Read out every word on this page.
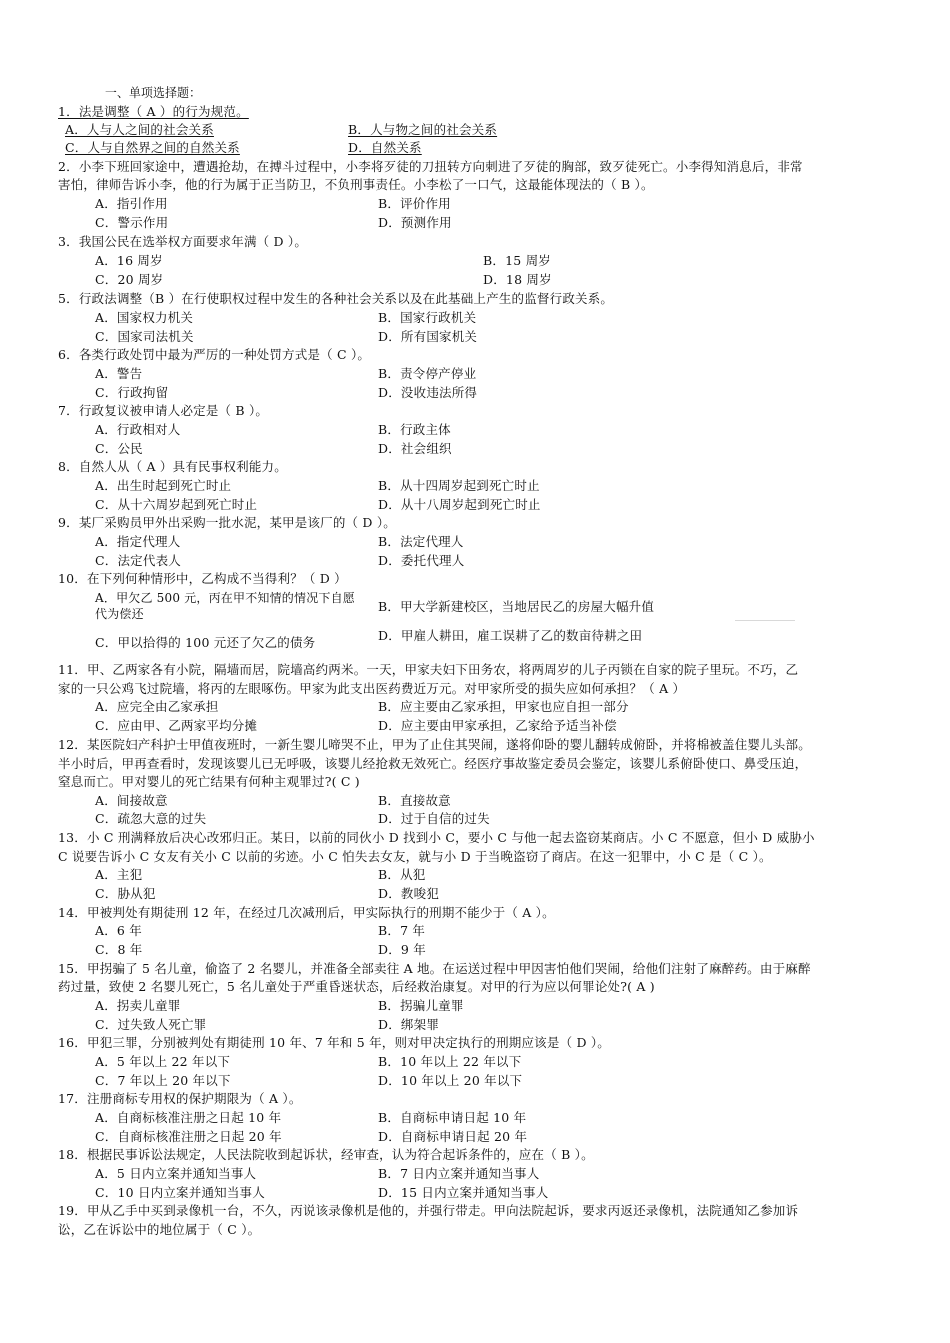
一、单项选择题：
1．法是调整（ A ）的行为规范。
A．人与人之间的社会关系	B．人与物之间的社会关系
C．人与自然界之间的自然关系	D．自然关系
2．小李下班回家途中，遭遇抢劫，在搏斗过程中，小李将歹徒的刀扭转方向刺进了歹徒的胸部，致歹徒死亡。小李得知消息后，非常
害怕，律师告诉小李，他的行为属于正当防卫，不负刑事责任。小李松了一口气，这最能体现法的（ B ）。
A．指引作用	B．评价作用
C．警示作用	D．预测作用
3．我国公民在选举权方面要求年满（ D ）。
A．16 周岁	B．15 周岁
C．20 周岁	D．18 周岁
5．行政法调整（B ）在行使职权过程中发生的各种社会关系以及在此基础上产生的监督行政关系。
A．国家权力机关	B．国家行政机关
C．国家司法机关	D．所有国家机关
6．各类行政处罚中最为严厉的一种处罚方式是（ C ）。
A．警告	B．责令停产停业
C．行政拘留	D．没收违法所得
7．行政复议被申请人必定是（ B ）。
A．行政相对人	B．行政主体
C．公民	D．社会组织
8．自然人从（ A ）具有民事权利能力。
A．出生时起到死亡时止	B．从十四周岁起到死亡时止
C．从十六周岁起到死亡时止	D．从十八周岁起到死亡时止
9．某厂采购员甲外出采购一批水泥，某甲是该厂的（ D ）。
A．指定代理人	B．法定代理人
C．法定代表人	D．委托代理人
10．在下列何种情形中，乙构成不当得利？（ D ）
A．甲欠乙 500 元，丙在甲不知情的情况下自愿代为偿还	B．甲大学新建校区，当地居民乙的房屋大幅升值
C．甲以拾得的 100 元还了欠乙的债务	D．甲雇人耕田，雇工误耕了乙的数亩待耕之田
11．甲、乙两家各有小院，隔墙而居，院墙高约两米。一天，甲家夫妇下田务农，将两周岁的儿子丙锁在自家的院子里玩。不巧，乙
家的一只公鸡飞过院墙，将丙的左眼啄伤。甲家为此支出医药费近万元。对甲家所受的损失应如何承担？（ A ）
A．应完全由乙家承担	B．应主要由乙家承担，甲家也应自担一部分
C．应由甲、乙两家平均分摊	D．应主要由甲家承担，乙家给予适当补偿
12．某医院妇产科护士甲值夜班时，一新生婴儿啼哭不止，甲为了止住其哭闹，遂将仰卧的婴儿翻转成俯卧，并将棉被盖住婴儿头部。
半小时后，甲再查看时，发现该婴儿已无呼吸，该婴儿经抢救无效死亡。经医疗事故鉴定委员会鉴定，该婴儿系俯卧使口、鼻受压迫，
窒息而亡。甲对婴儿的死亡结果有何种主观罪过?( C )
A．间接故意	B．直接故意
C．疏忽大意的过失	D．过于自信的过失
13．小 C 刑满释放后决心改邪归正。某日，以前的同伙小 D 找到小 C，要小 C 与他一起去盗窃某商店。小 C 不愿意，但小 D 威胁小
C 说要告诉小 C 女友有关小 C 以前的劣迹。小 C 怕失去女友，就与小 D 于当晚盗窃了商店。在这一犯罪中，小 C 是（ C ）。
A．主犯	B．从犯
C．胁从犯	D．教唆犯
14．甲被判处有期徒刑 12 年，在经过几次减刑后，甲实际执行的刑期不能少于（ A ）。
A．6 年	B．7 年
C．8 年	D．9 年
15．甲拐骗了 5 名儿童，偷盗了 2 名婴儿，并准备全部卖往 A 地。在运送过程中甲因害怕他们哭闹，给他们注射了麻醉药。由于麻醉
药过量，致使 2 名婴儿死亡，5 名儿童处于严重昏迷状态，后经救治康复。对甲的行为应以何罪论处?( A )
A．拐卖儿童罪	B．拐骗儿童罪
C．过失致人死亡罪	D．绑架罪
16．甲犯三罪，分别被判处有期徒刑 10 年、7 年和 5 年，则对甲决定执行的刑期应该是（ D ）。
A．5 年以上 22 年以下	B．10 年以上 22 年以下
C．7 年以上 20 年以下	D．10 年以上 20 年以下
17．注册商标专用权的保护期限为（ A ）。
A．自商标核准注册之日起 10 年	B．自商标申请日起 10 年
C．自商标核准注册之日起 20 年	D．自商标申请日起 20 年
18．根据民事诉讼法规定，人民法院收到起诉状，经审查，认为符合起诉条件的，应在（ B ）。
A．5 日内立案并通知当事人	B．7 日内立案并通知当事人
C．10 日内立案并通知当事人	D．15 日内立案并通知当事人
19．甲从乙手中买到录像机一台，不久，丙说该录像机是他的，并强行带走。甲向法院起诉，要求丙返还录像机，法院通知乙参加诉
讼，乙在诉讼中的地位属于（ C ）。
